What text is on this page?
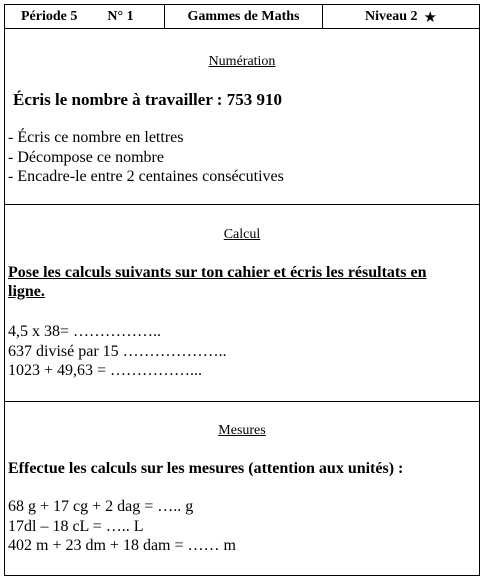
Période 5 N° 1	Gammes de Maths	Niveau 2 ★
Numération
Écris le nombre à travailler : 753 910
- Écris ce nombre en lettres
- Décompose ce nombre
- Encadre-le entre 2 centaines consécutives
Calcul
Pose les calculs suivants sur ton cahier et écris les résultats en
ligne.
4,5 x 38= ……………..
637 divisé par 15 ………………..
1023 + 49,63 = ……………...
Mesures
Effectue les calculs sur les mesures (attention aux unités) :
68 g + 17 cg + 2 dag = ….. g
17dl – 18 cL = ….. L
402 m + 23 dm + 18 dam = …… m
